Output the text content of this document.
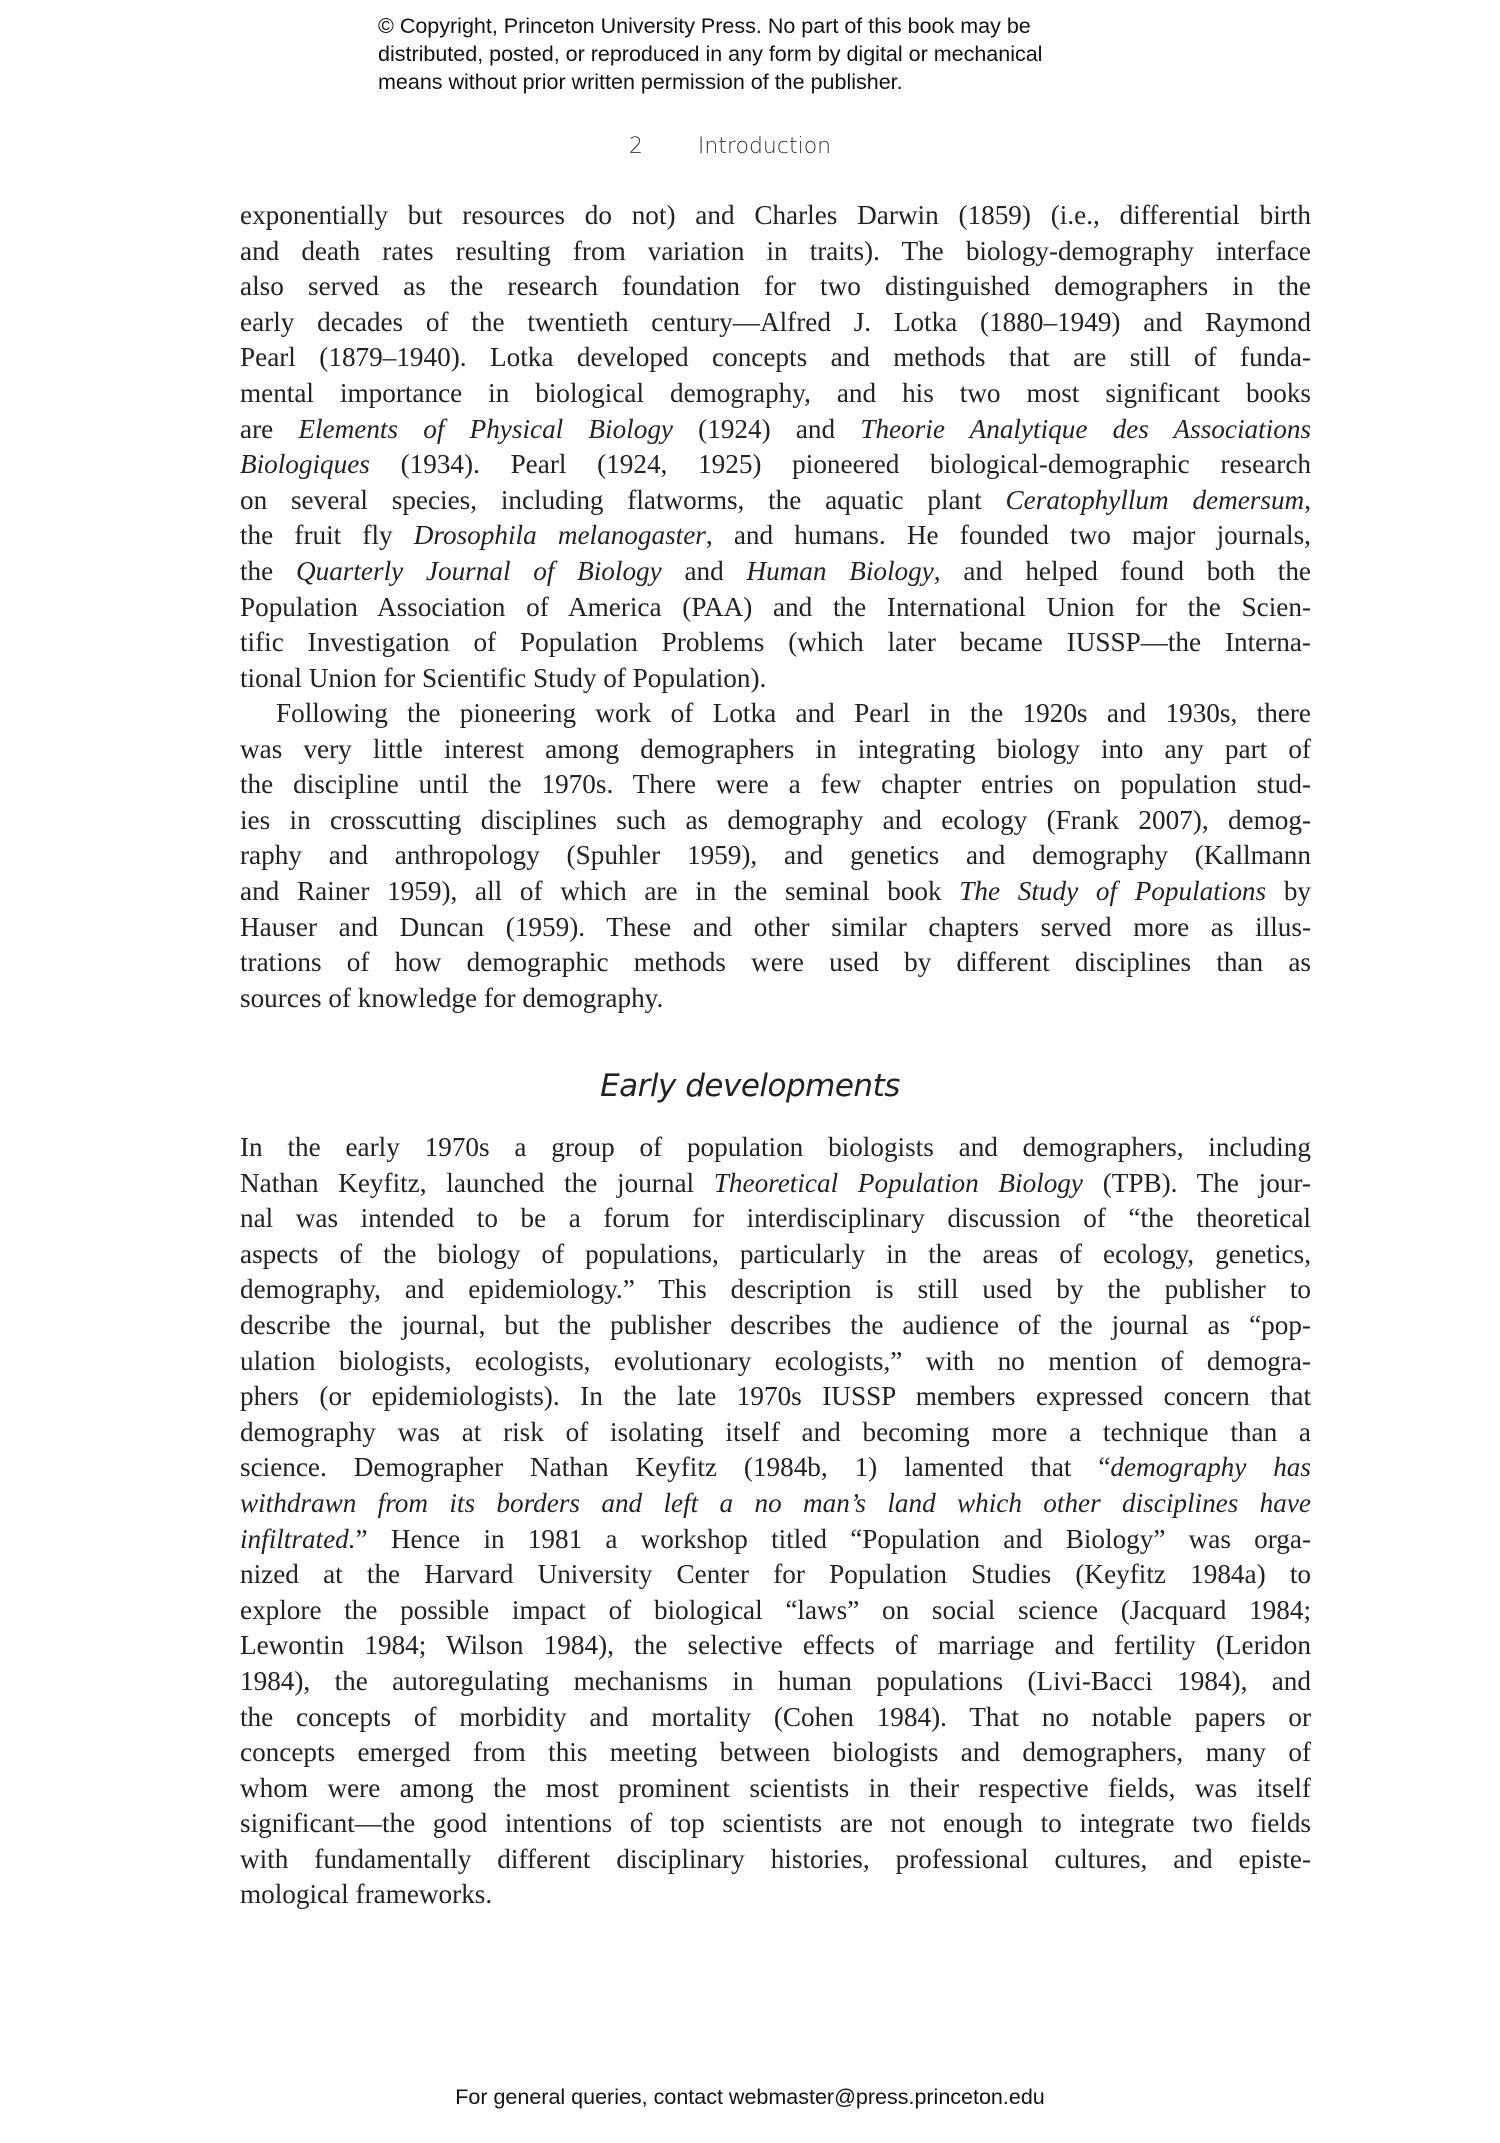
© Copyright, Princeton University Press. No part of this book may be
distributed, posted, or reproduced in any form by digital or mechanical
means without prior written permission of the publisher.
2	Introduction
exponentially but resources do not) and Charles Darwin (1859) (i.e., differential birth
and death rates resulting from variation in traits). The biology-demography interface
also served as the research foundation for two distinguished demographers in the
early decades of the twentieth century—Alfred J. Lotka (1880–1949) and Raymond
Pearl (1879–1940). Lotka developed concepts and methods that are still of funda-
mental importance in biological demography, and his two most significant books
are Elements of Physical Biology (1924) and Theorie Analytique des Associations
Biologiques (1934). Pearl (1924, 1925) pioneered biological-demographic research
on several species, including flatworms, the aquatic plant Ceratophyllum demersum,
the fruit fly Drosophila melanogaster, and humans. He founded two major journals,
the Quarterly Journal of Biology and Human Biology, and helped found both the
Population Association of America (PAA) and the International Union for the Scien-
tific Investigation of Population Problems (which later became IUSSP—the Interna-
tional Union for Scientific Study of Population).
Following the pioneering work of Lotka and Pearl in the 1920s and 1930s, there
was very little interest among demographers in integrating biology into any part of
the discipline until the 1970s. There were a few chapter entries on population stud-
ies in crosscutting disciplines such as demography and ecology (Frank 2007), demog-
raphy and anthropology (Spuhler 1959), and genetics and demography (Kallmann
and Rainer 1959), all of which are in the seminal book The Study of Populations by
Hauser and Duncan (1959). These and other similar chapters served more as illus-
trations of how demographic methods were used by different disciplines than as
sources of knowledge for demography.
Early developments
In the early 1970s a group of population biologists and demographers, including
Nathan Keyfitz, launched the journal Theoretical Population Biology (TPB). The jour-
nal was intended to be a forum for interdisciplinary discussion of “the theoretical
aspects of the biology of populations, particularly in the areas of ecology, genetics,
demography, and epidemiology.” This description is still used by the publisher to
describe the journal, but the publisher describes the audience of the journal as “pop-
ulation biologists, ecologists, evolutionary ecologists,” with no mention of demogra-
phers (or epidemiologists). In the late 1970s IUSSP members expressed concern that
demography was at risk of isolating itself and becoming more a technique than a
science. Demographer Nathan Keyfitz (1984b, 1) lamented that “demography has
withdrawn from its borders and left a no man’s land which other disciplines have
infiltrated.” Hence in 1981 a workshop titled “Population and Biology” was orga-
nized at the Harvard University Center for Population Studies (Keyfitz 1984a) to
explore the possible impact of biological “laws” on social science (Jacquard 1984;
Lewontin 1984; Wilson 1984), the selective effects of marriage and fertility (Leridon
1984), the autoregulating mechanisms in human populations (Livi-Bacci 1984), and
the concepts of morbidity and mortality (Cohen 1984). That no notable papers or
concepts emerged from this meeting between biologists and demographers, many of
whom were among the most prominent scientists in their respective fields, was itself
significant—the good intentions of top scientists are not enough to integrate two fields
with fundamentally different disciplinary histories, professional cultures, and episte-
mological frameworks.
For general queries, contact webmaster@press.princeton.edu
